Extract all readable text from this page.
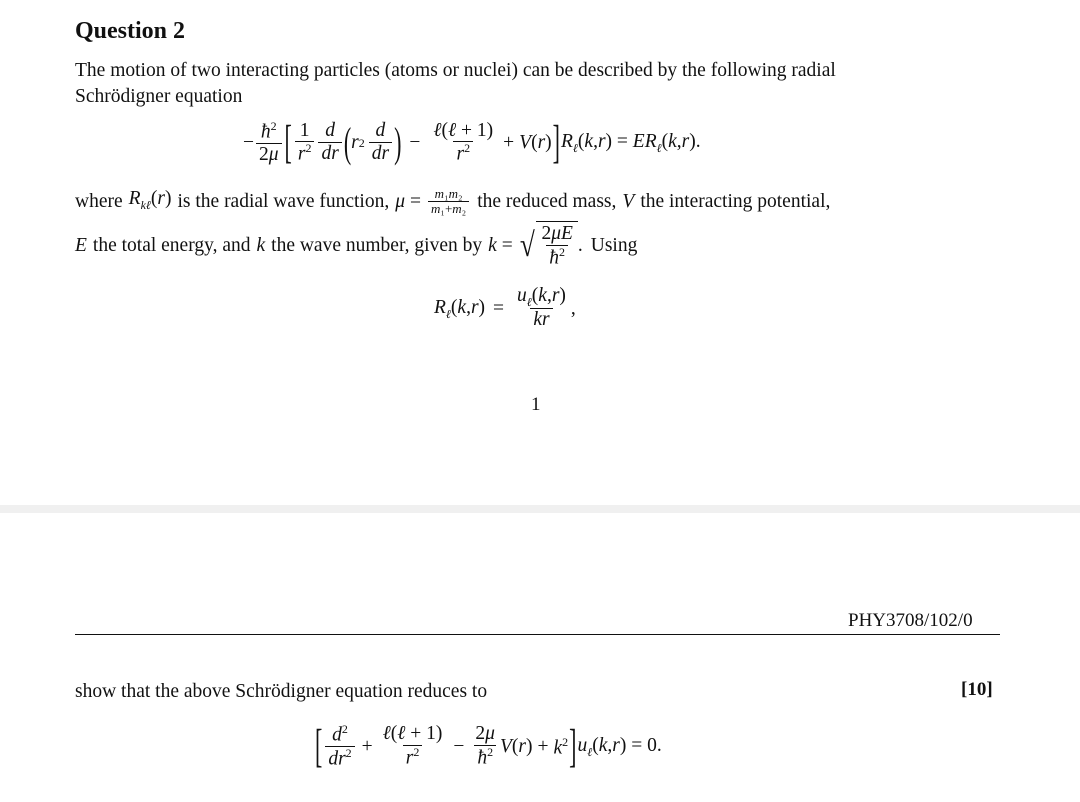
Question 2
The motion of two interacting particles (atoms or nuclei) can be described by the following radial
Schrödigner equation
− $\frac{ħ^2}{2\mu}$ [ $\frac{1}{r^2} \frac{d}{dr}$ ( r $2 \frac{d}{dr}$ ) − $\frac{\text{ℓ(ℓ + 1)}}{r^2} + V(r)$ ] $R_\ell(k,r) = ER_\ell(k,r)$.
where $R_{k\ell}(r)$ is the radial wave function, $\mu = \frac{\text{m₁m₂}}{\text{m₁+m₂}}$ the reduced mass, V the interacting potential,
E the total energy, and k the wave number, given by k = √ $\frac{2\mu E}{ħ^2}$ . Using
$R_\ell(k,r) = \frac{u_\ell(k,r)}{kr}$ ,
1
PHY3708/102/0
show that the above Schrödigner equation reduces to	[10]
[ $\frac{d^2}{dr^2} + \frac{\text{ℓ(ℓ + 1)}}{r^2} - \frac{2\mu}{ħ^2} V(r) + k^2$ ] $u_\ell(k,r) = 0$.
